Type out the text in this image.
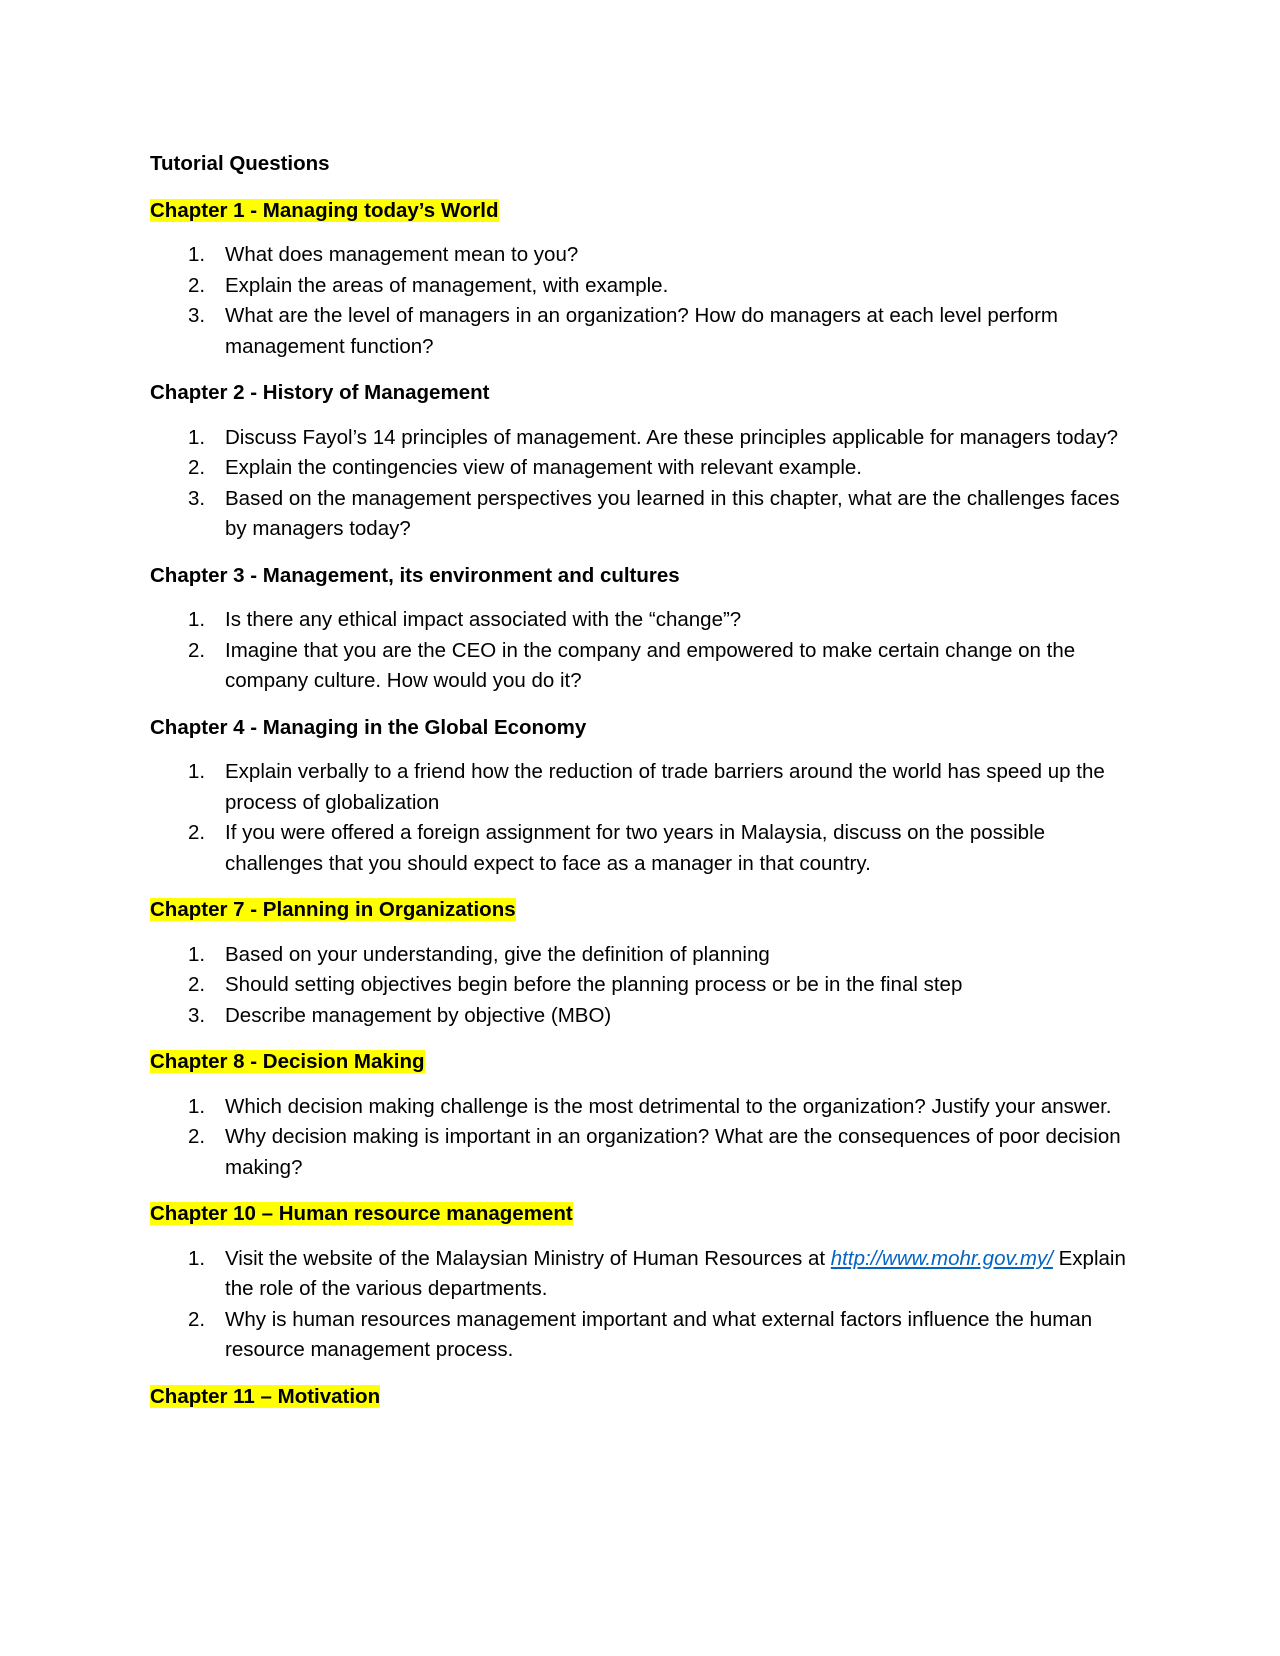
Tutorial Questions
Chapter 1 - Managing today’s World
1. What does management mean to you?
2. Explain the areas of management, with example.
3. What are the level of managers in an organization? How do managers at each level perform management function?
Chapter 2 - History of Management
1. Discuss Fayol’s 14 principles of management. Are these principles applicable for managers today?
2. Explain the contingencies view of management with relevant example.
3. Based on the management perspectives you learned in this chapter, what are the challenges faces by managers today?
Chapter 3 - Management, its environment and cultures
1. Is there any ethical impact associated with the “change”?
2. Imagine that you are the CEO in the company and empowered to make certain change on the company culture. How would you do it?
Chapter 4 - Managing in the Global Economy
1. Explain verbally to a friend how the reduction of trade barriers around the world has speed up the process of globalization
2. If you were offered a foreign assignment for two years in Malaysia, discuss on the possible challenges that you should expect to face as a manager in that country.
Chapter 7 - Planning in Organizations
1. Based on your understanding, give the definition of planning
2. Should setting objectives begin before the planning process or be in the final step
3. Describe management by objective (MBO)
Chapter 8 - Decision Making
1. Which decision making challenge is the most detrimental to the organization? Justify your answer.
2. Why decision making is important in an organization? What are the consequences of poor decision making?
Chapter 10 – Human resource management
1. Visit the website of the Malaysian Ministry of Human Resources at http://www.mohr.gov.my/ Explain the role of the various departments.
2. Why is human resources management important and what external factors influence the human resource management process.
Chapter 11 – Motivation
